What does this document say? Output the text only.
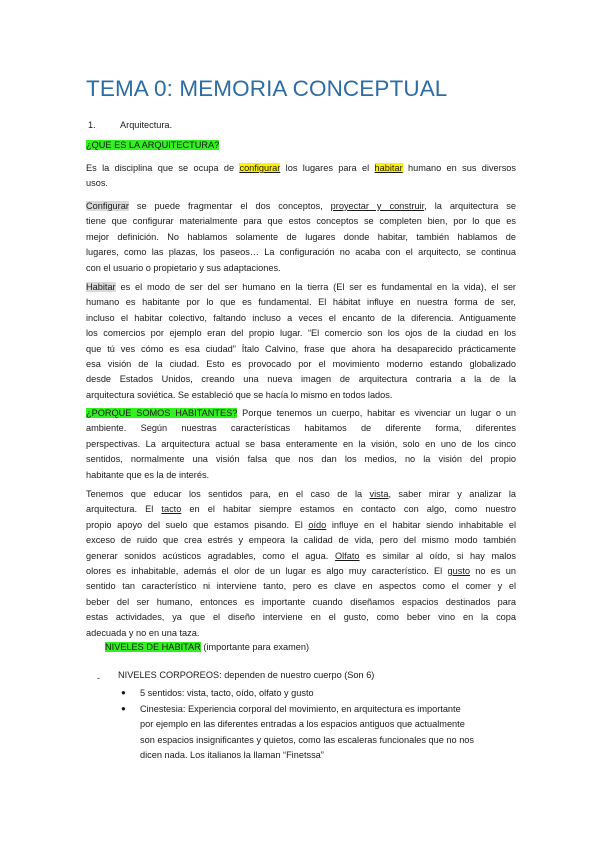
TEMA 0: MEMORIA CONCEPTUAL
1.	Arquitectura.
¿QUE ES LA ARQUITECTURA?
Es la disciplina que se ocupa de configurar los lugares para el habitar humano en sus diversos
usos.
Configurar se puede fragmentar el dos conceptos, proyectar y construir, la arquitectura se
tiene que configurar materialmente para que estos conceptos se completen bien, por lo que es
mejor definición. No hablamos solamente de lugares donde habitar, también hablamos de
lugares, como las plazas, los paseos… La configuración no acaba con el arquitecto, se continua
con el usuario o propietario y sus adaptaciones.
Habitar es el modo de ser del ser humano en la tierra (El ser es fundamental en la vida), el ser
humano es habitante por lo que es fundamental. El hábitat influye en nuestra forma de ser,
incluso el habitar colectivo, faltando incluso a veces el encanto de la diferencia. Antiguamente
los comercios por ejemplo eran del propio lugar. “El comercio son los ojos de la ciudad en los
que tú ves cómo es esa ciudad” Ítalo Calvino, frase que ahora ha desaparecido prácticamente
esa visión de la ciudad. Esto es provocado por el movimiento moderno estando globalizado
desde Estados Unidos, creando una nueva imagen de arquitectura contraria a la de la
arquitectura soviética. Se estableció que se hacía lo mismo en todos lados.
¿PORQUE SOMOS HABITANTES? Porque tenemos un cuerpo, habitar es vivenciar un lugar o un
ambiente. Según nuestras características habitamos de diferente forma, diferentes
perspectivas. La arquitectura actual se basa enteramente en la visión, solo en uno de los cinco
sentidos, normalmente una visión falsa que nos dan los medios, no la visión del propio
habitante que es la de interés.
Tenemos que educar los sentidos para, en el caso de la vista, saber mirar y analizar la
arquitectura. El tacto en el habitar siempre estamos en contacto con algo, como nuestro
propio apoyo del suelo que estamos pisando. El oído influye en el habitar siendo inhabitable el
exceso de ruido que crea estrés y empeora la calidad de vida, pero del mismo modo también
generar sonidos acústicos agradables, como el agua. Olfato es similar al oído, si hay malos
olores es inhabitable, además el olor de un lugar es algo muy característico. El gusto no es un
sentido tan característico ni interviene tanto, pero es clave en aspectos como el comer y el
beber del ser humano, entonces es importante cuando diseñamos espacios destinados para
estas actividades, ya que el diseño interviene en el gusto, como beber vino en la copa
adecuada y no en una taza.
NIVELES DE HABITAR (importante para examen)
- NIVELES CORPOREOS: dependen de nuestro cuerpo (Son 6)
● 5 sentidos: vista, tacto, oído, olfato y gusto
● Cinestesia: Experiencia corporal del movimiento, en arquitectura es importante
por ejemplo en las diferentes entradas a los espacios antiguos que actualmente
son espacios insignificantes y quietos, como las escaleras funcionales que no nos
dicen nada. Los italianos la llaman “Finetssa”
